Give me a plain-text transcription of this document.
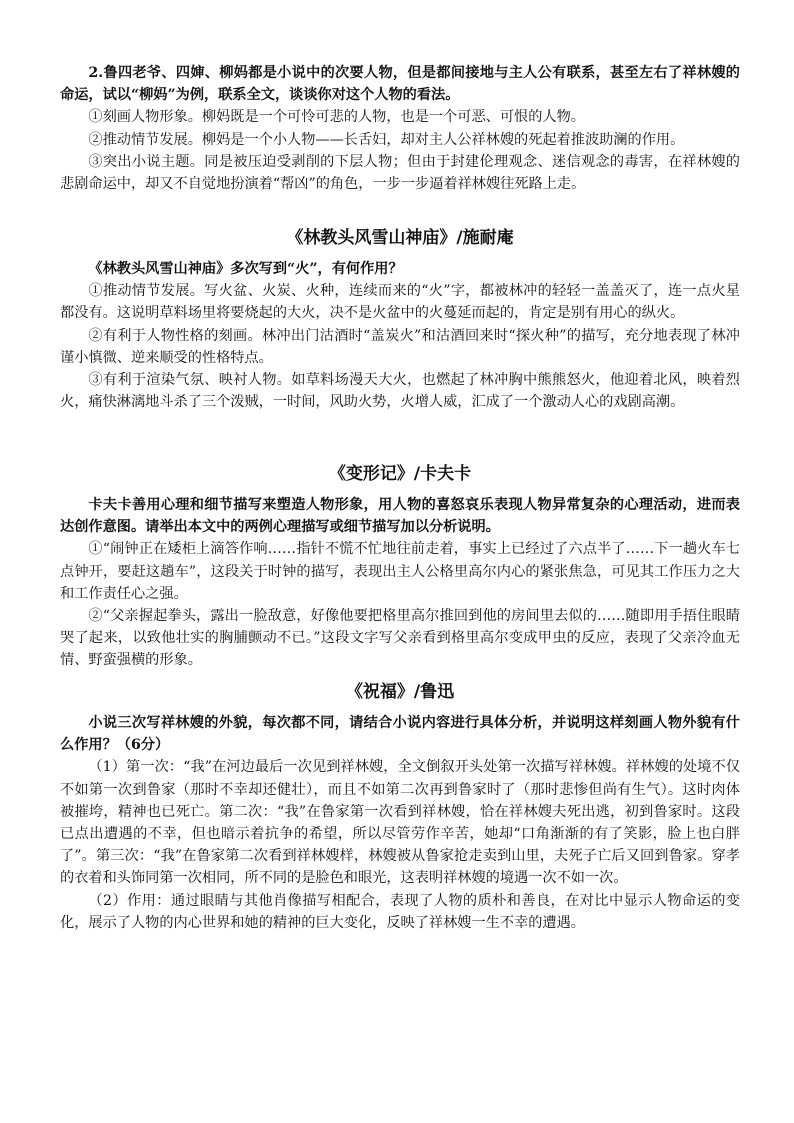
2.鲁四老爷、四婶、柳妈都是小说中的次要人物，但是都间接地与主人公有联系，甚至左右了祥林嫂的命运，试以“柳妈”为例，联系全文，谈谈你对这个人物的看法。

①刻画人物形象。柳妈既是一个可怜可悲的人物，也是一个可恶、可恨的人物。

②推动情节发展。柳妈是一个小人物——长舌妇，却对主人公祥林嫂的死起着推波助澜的作用。

③突出小说主题。同是被压迫受剥削的下层人物；但由于封建伦理观念、迷信观念的毒害，在祥林嫂的悲剧命运中，却又不自觉地扮演着“帮凶”的角色，一步一步逼着祥林嫂往死路上走。

《林教头风雪山神庙》/施耐庵

《林教头风雪山神庙》多次写到“火”，有何作用？

①推动情节发展。写火盆、火炭、火种，连续而来的“火”字，都被林冲的轻轻一盖盖灭了，连一点火星都没有。这说明草料场里将要烧起的大火，决不是火盆中的火蔓延而起的，肯定是别有用心的纵火。

②有利于人物性格的刻画。林冲出门沽酒时“盖炭火”和沽酒回来时“探火种”的描写，充分地表现了林冲谨小慎微、逆来顺受的性格特点。

③有利于渲染气氛、映衬人物。如草料场漫天大火，也燃起了林冲胸中熊熊怒火，他迎着北风，映着烈火，痛快淋漓地斗杀了三个泼贼，一时间，风助火势，火增人威，汇成了一个激动人心的戏剧高潮。

《变形记》/卡夫卡

卡夫卡善用心理和细节描写来塑造人物形象，用人物的喜怒哀乐表现人物异常复杂的心理活动，进而表达创作意图。请举出本文中的两例心理描写或细节描写加以分析说明。

①“闹钟正在矮柜上滴答作响……指针不慌不忙地往前走着，事实上已经过了六点半了……下一趟火车七点钟开，要赶这趟车”，这段关于时钟的描写，表现出主人公格里高尔内心的紧张焦急，可见其工作压力之大和工作责任心之强。

②“父亲握起拳头，露出一脸敌意，好像他要把格里高尔推回到他的房间里去似的……随即用手捂住眼睛哭了起来，以致他壮实的胸脯颤动不已。”这段文字写父亲看到格里高尔变成甲虫的反应，表现了父亲冷血无情、野蛮强横的形象。

《祝福》/鲁迅

小说三次写祥林嫂的外貌，每次都不同，请结合小说内容进行具体分析，并说明这样刻画人物外貌有什么作用？（6分）

（1）第一次：“我”在河边最后一次见到祥林嫂，全文倒叙开头处第一次描写祥林嫂。祥林嫂的处境不仅不如第一次到鲁家（那时不幸却还健壮），而且不如第二次再到鲁家时了（那时悲惨但尚有生气）。这时肉体被摧垮，精神也已死亡。第二次：“我”在鲁家第一次看到祥林嫂，恰在祥林嫂夫死出逃，初到鲁家时。这段已点出遭遇的不幸，但也暗示着抗争的希望，所以尽管劳作辛苦，她却“口角渐渐的有了笑影，脸上也白胖了”。第三次：“我”在鲁家第二次看到祥林嫂样，林嫂被从鲁家抢走卖到山里，夫死子亡后又回到鲁家。穿孝的衣着和头饰同第一次相同，所不同的是脸色和眼光，这表明祥林嫂的境遇一次不如一次。

（2）作用：通过眼睛与其他肖像描写相配合，表现了人物的质朴和善良，在对比中显示人物命运的变化，展示了人物的内心世界和她的精神的巨大变化，反映了祥林嫂一生不幸的遭遇。
